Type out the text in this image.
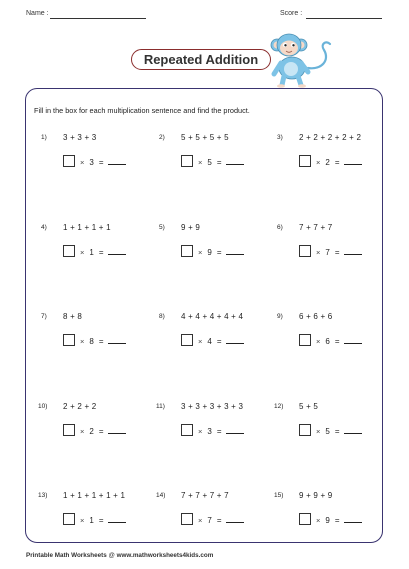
Name :	Score :
Repeated Addition
Fill in the box for each multiplication sentence and find the product.
1) 3 + 3 + 3
× 3 =
2) 5 + 5 + 5 + 5
× 5 =
3) 2 + 2 + 2 + 2 + 2
× 2 =
4) 1 + 1 + 1 + 1
× 1 =
5) 9 + 9
× 9 =
6) 7 + 7 + 7
× 7 =
7) 8 + 8
× 8 =
8) 4 + 4 + 4 + 4 + 4
× 4 =
9) 6 + 6 + 6
× 6 =
10) 2 + 2 + 2
× 2 =
11) 3 + 3 + 3 + 3 + 3
× 3 =
12) 5 + 5
× 5 =
13) 1 + 1 + 1 + 1 + 1
× 1 =
14) 7 + 7 + 7 + 7
× 7 =
15) 9 + 9 + 9
× 9 =
Printable Math Worksheets @ www.mathworksheets4kids.com
